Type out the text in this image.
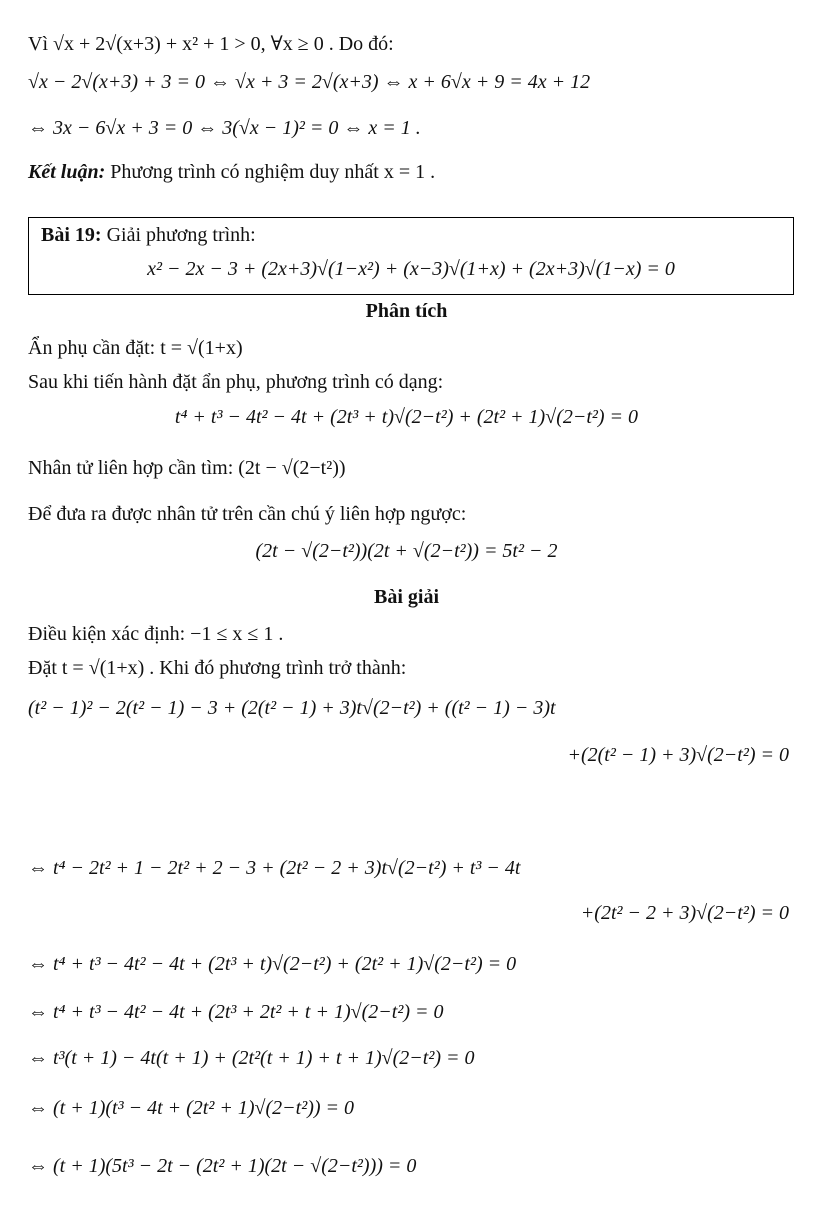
Vì √x + 2√(x+3) + x² + 1 > 0, ∀x ≥ 0 . Do đó:
√x − 2√(x+3) + 3 = 0 ⇔ √x + 3 = 2√(x+3) ⇔ x + 6√x + 9 = 4x + 12
⇔ 3x − 6√x + 3 = 0 ⇔ 3(√x − 1)² = 0 ⇔ x = 1 .
Kết luận: Phương trình có nghiệm duy nhất x = 1 .
Bài 19: Giải phương trình:
x² − 2x − 3 + (2x+3)√(1−x²) + (x−3)√(1+x) + (2x+3)√(1−x) = 0
Phân tích
Ẩn phụ cần đặt: t = √(1+x)
Sau khi tiến hành đặt ẩn phụ, phương trình có dạng:
t⁴ + t³ − 4t² − 4t + (2t³ + t)√(2−t²) + (2t² + 1)√(2−t²) = 0
Nhân tử liên hợp cần tìm: (2t − √(2−t²))
Để đưa ra được nhân tử trên cần chú ý liên hợp ngược:
(2t − √(2−t²))(2t + √(2−t²)) = 5t² − 2
Bài giải
Điều kiện xác định: −1 ≤ x ≤ 1 .
Đặt t = √(1+x) . Khi đó phương trình trở thành:
(t² − 1)² − 2(t² − 1) − 3 + (2(t² − 1) + 3)t√(2−t²) + ((t² − 1) − 3)t
+(2(t² − 1) + 3)√(2−t²) = 0
⇔ t⁴ − 2t² + 1 − 2t² + 2 − 3 + (2t² − 2 + 3)t√(2−t²) + t³ − 4t
+(2t² − 2 + 3)√(2−t²) = 0
⇔ t⁴ + t³ − 4t² − 4t + (2t³ + t)√(2−t²) + (2t² + 1)√(2−t²) = 0
⇔ t⁴ + t³ − 4t² − 4t + (2t³ + 2t² + t + 1)√(2−t²) = 0
⇔ t³(t + 1) − 4t(t + 1) + (2t²(t + 1) + t + 1)√(2−t²) = 0
⇔ (t + 1)(t³ − 4t + (2t² + 1)√(2−t²)) = 0
⇔ (t + 1)(5t³ − 2t − (2t² + 1)(2t − √(2−t²))) = 0
